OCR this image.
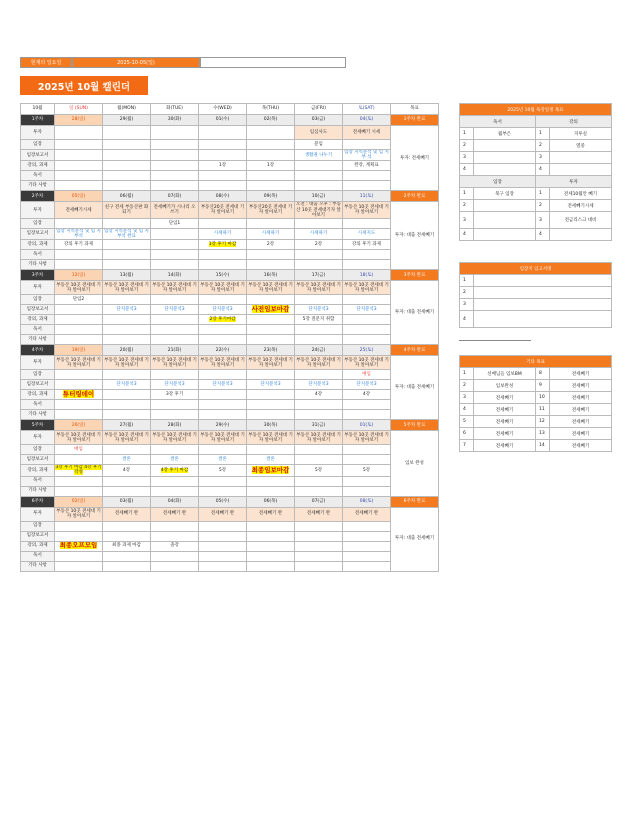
현재의 일요일	2025-10-05(일)
2025년 10월 캘린더
10월	일 (SUN)	월(MON)	화(TUE)	수(WED)	목(THU)	금(FRI)	토(SAT)	목표
1주차	28(일)	29(월)	30(화)	01(수)	02(목)	03(금)	04(토)	1주차 완료
투자						임심사도	전세빼기 시세	투자: 전세빼기
임장						분임		
임장보고서						생활권 나누기	임장 지역분석 및 임 지부 석	
강의, 과제				1강	1강		완강, 계획표	
독서								
기타 사항								
2주차	05(일)	06(월)	07(화)	08(수)	09(목)	10(금)	11(토)	2주차 완료
투자	전세빼기시세	친구 전세 부동산판 화되기	전세빼기가 시나리 오 쓰기	부동산20곳 전세대 기자 알아보기	부동산20곳 전세대 기자 알아보기	오전 : 대출 오후 : 부동산 10곳 전세대기자 알아보기	부동산 10곳 전세대 기자 알아보기	투자: 대출 전세빼기
임장			단임1					
임장보고서	임장 지역분석 및 임 지부석	임장 지역분석 및 임 지부석 완료		시세따기	시세따기	시세따기	시세지도	
강의, 과제	강의 후기 과제			1강 후기 마감	2강	2강	강의 후기 과제	
독서								
기타 사항								
3주차	12(일)	13(월)	14(화)	15(수)	16(목)	17(금)	18(토)	3주차 완료
투자	부동산 10곳 전세대 기자 알아보기	부동산 10곳 전세대 기자 알아보기	부동산 10곳 전세대 기자 알아보기	부동산 10곳 전세대 기자 알아보기	부동산 10곳 전세대 기자 알아보기	부동산 10곳 전세대 기자 알아보기	부동산 10곳 전세대 기자 알아보기	투자: 대출 전세빼기
임장	단임2							
임장보고서		단지분석3	단지분석3	단지분석3	사전임보마감	단지분석3	단지분석3	
강의, 과제				2강 후기마감		5강 질문지 취합		
독서								
기타 사항								
4주차	19(일)	20(월)	21(화)	22(수)	23(목)	24(금)	25(토)	4주차 완료
투자	부동산 10곳 전세대 기자 알아보기	부동산 10곳 전세대 기자 알아보기	부동산 10곳 전세대 기자 알아보기	부동산 10곳 전세대 기자 알아보기	부동산 10곳 전세대 기자 알아보기	부동산 10곳 전세대 기자 알아보기	부동산 10곳 전세대 기자 알아보기	투자: 대출 전세빼기
임장							매임	
임장보고서		단지분석3	단지분석3	단지분석3	단지분석3	단지분석3	단지분석3	
강의, 과제	튜터링데이		3강 후기			4강	4강	
독서								
기타 사항								
5주차	26(일)	27(월)	28(화)	29(수)	30(목)	31(금)	01(토)	5주차 완료
투자	부동산 10곳 전세대 기자 알아보기	부동산 10곳 전세대 기자 알아보기	부동산 10곳 전세대 기자 알아보기	부동산 10곳 전세대 기자 알아보기	부동산 10곳 전세대 기자 알아보기	부동산 10곳 전세대 기자 알아보기	부동산 10곳 전세대 기자 알아보기	임보 완성
임장	매임							
임장보고서		결론	결론	결론	결론			
강의, 과제	3강 후기 마감 4강 후기 작성	4강	4강 후기 마감	5강	최종임보마감	5강	5강	
독서								
기타 사항								
6주차	02(일)	03(월)	04(화)	05(수)	06(목)	07(금)	08(토)	6주차 완료
투자	부동산 10곳 전세대 기자 알아보기	전세빼기 완	전세빼기 완	전세빼기 완	전세빼기 완	전세빼기 완	전세빼기 완	투자: 대출 전세빼기
임장								
임장보고서								
강의, 과제	최종오프모임	최종 과제 마감	졸강					
독서								
기타 사항								
2025년 10월 독강일정 목표			
독서		강의	
1	월부은	1	지투실
2		2	열중
3		3	
4		4	
임장		투자	
1	북구 임장	1	전세10월안 빼기
2		2	전세빼기시세
3		3	전금리스크 대비
4		4	
임장지 임고서명	
1	
2	
3	
4	
기타 목표			
1	선배님들 임보BM	8	전세빼기
2	임보완성	9	전세빼기
3	전세빼기	10	전세빼기
4	전세빼기	11	전세빼기
5	전세빼기	12	전세빼기
6	전세빼기	13	전세빼기
7	전세빼기	14	전세빼기
